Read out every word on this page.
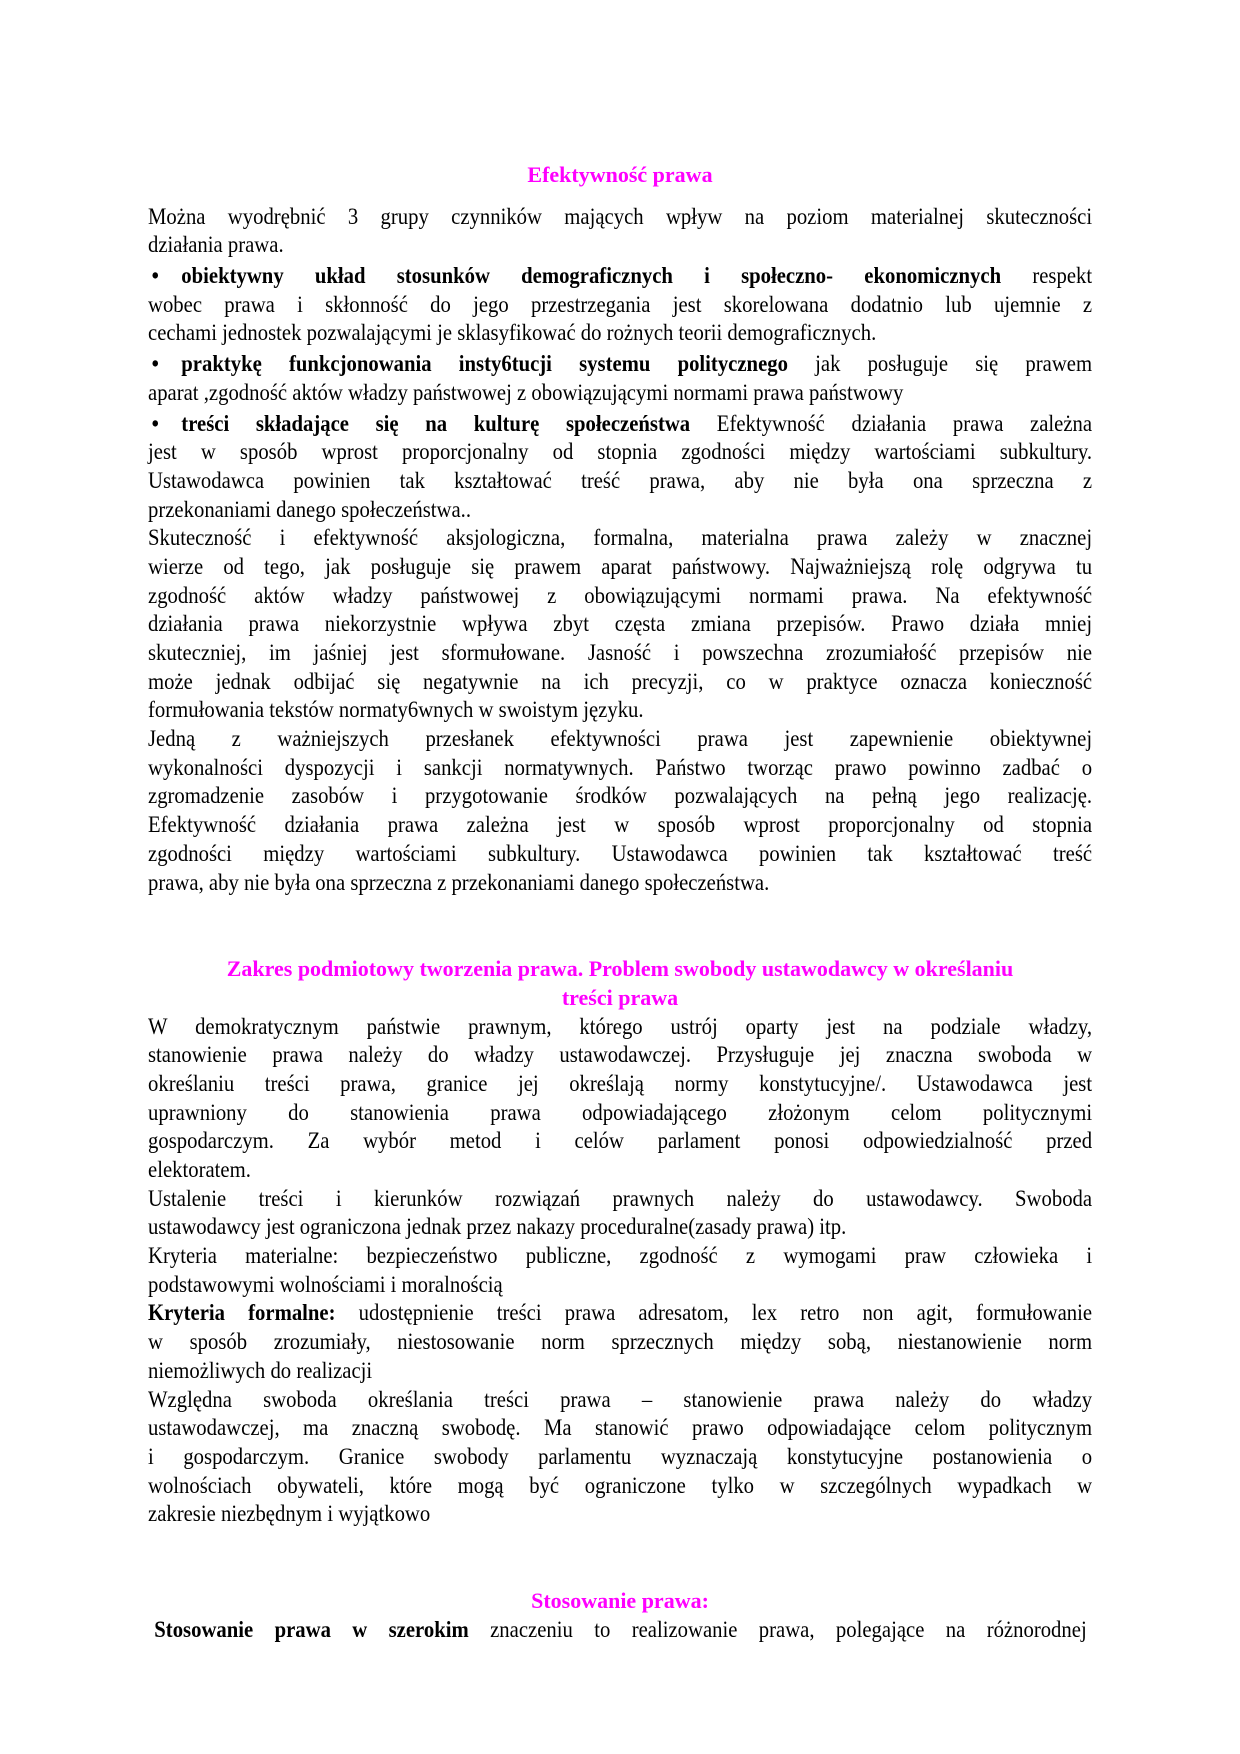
Efektywność prawa
Można wyodrębnić 3 grupy czynników mających wpływ na poziom materialnej skuteczności
działania prawa.
• obiektywny układ stosunków demograficznych i społeczno- ekonomicznych respekt
wobec prawa i skłonność do jego przestrzegania jest skorelowana dodatnio lub ujemnie z
cechami jednostek pozwalającymi je sklasyfikować do rożnych teorii demograficznych.
• praktykę funkcjonowania insty6tucji systemu politycznego jak posługuje się prawem
aparat ,zgodność aktów władzy państwowej z obowiązującymi normami prawa państwowy
• treści składające się na kulturę społeczeństwa Efektywność działania prawa zależna
jest w sposób wprost proporcjonalny od stopnia zgodności między wartościami subkultury.
Ustawodawca powinien tak kształtować treść prawa, aby nie była ona sprzeczna z
przekonaniami danego społeczeństwa..
Skuteczność i efektywność aksjologiczna, formalna, materialna prawa zależy w znacznej
wierze od tego, jak posługuje się prawem aparat państwowy. Najważniejszą rolę odgrywa tu
zgodność aktów władzy państwowej z obowiązującymi normami prawa. Na efektywność
działania prawa niekorzystnie wpływa zbyt częsta zmiana przepisów. Prawo działa mniej
skuteczniej, im jaśniej jest sformułowane. Jasność i powszechna zrozumiałość przepisów nie
może jednak odbijać się negatywnie na ich precyzji, co w praktyce oznacza konieczność
formułowania tekstów normaty6wnych w swoistym języku.
Jedną z ważniejszych przesłanek efektywności prawa jest zapewnienie obiektywnej
wykonalności dyspozycji i sankcji normatywnych. Państwo tworząc prawo powinno zadbać o
zgromadzenie zasobów i przygotowanie środków pozwalających na pełną jego realizację.
Efektywność działania prawa zależna jest w sposób wprost proporcjonalny od stopnia
zgodności między wartościami subkultury. Ustawodawca powinien tak kształtować treść
prawa, aby nie była ona sprzeczna z przekonaniami danego społeczeństwa.
Zakres podmiotowy tworzenia prawa. Problem swobody ustawodawcy w określaniu
treści prawa
W demokratycznym państwie prawnym, którego ustrój oparty jest na podziale władzy,
stanowienie prawa należy do władzy ustawodawczej. Przysługuje jej znaczna swoboda w
określaniu treści prawa, granice jej określają normy konstytucyjne/. Ustawodawca jest
uprawniony do stanowienia prawa odpowiadającego złożonym celom politycznymi
gospodarczym. Za wybór metod i celów parlament ponosi odpowiedzialność przed
elektoratem.
Ustalenie treści i kierunków rozwiązań prawnych należy do ustawodawcy. Swoboda
ustawodawcy jest ograniczona jednak przez nakazy proceduralne(zasady prawa) itp.
Kryteria materialne: bezpieczeństwo publiczne, zgodność z wymogami praw człowieka i
podstawowymi wolnościami i moralnością
Kryteria formalne: udostępnienie treści prawa adresatom, lex retro non agit, formułowanie
w sposób zrozumiały, niestosowanie norm sprzecznych między sobą, niestanowienie norm
niemożliwych do realizacji
Względna swoboda określania treści prawa – stanowienie prawa należy do władzy
ustawodawczej, ma znaczną swobodę. Ma stanowić prawo odpowiadające celom politycznym
i gospodarczym. Granice swobody parlamentu wyznaczają konstytucyjne postanowienia o
wolnościach obywateli, które mogą być ograniczone tylko w szczególnych wypadkach w
zakresie niezbędnym i wyjątkowo
Stosowanie prawa:
Stosowanie prawa w szerokim znaczeniu to realizowanie prawa, polegające na różnorodnej
